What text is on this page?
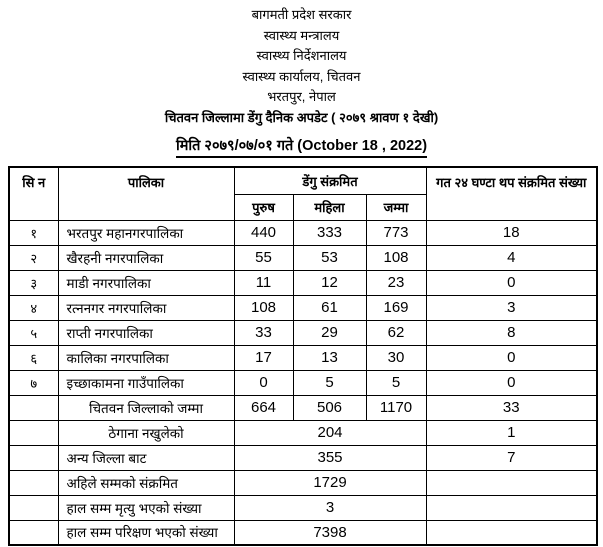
बागमती प्रदेश सरकार
स्वास्थ्य मन्त्रालय
स्वास्थ्य निर्देशनालय
स्वास्थ्य कार्यालय, चितवन
भरतपुर, नेपाल
चितवन जिल्लामा डेंगु दैनिक अपडेट ( २०७९ श्रावण १ देखी)
मिति २०७९/०७/०१ गते (October 18 , 2022)
सि न	पालिका	डेंगु संक्रमित			गत २४ घण्टा थप संक्रमित संख्या
		पुरुष	महिला	जम्मा	
१	भरतपुर महानगरपालिका	440	333	773	18
२	खैरहनी नगरपालिका	55	53	108	4
३	माडी नगरपालिका	11	12	23	0
४	रत्ननगर नगरपालिका	108	61	169	3
५	राप्ती नगरपालिका	33	29	62	8
६	कालिका नगरपालिका	17	13	30	0
७	इच्छाकामना गाउँपालिका	0	5	5	0
	चितवन जिल्लाको जम्मा	664	506	1170	33
	ठेगाना नखुलेको	204			1
	अन्य जिल्ला बाट	355			7
	अहिले सम्मको संक्रमित	1729			
	हाल सम्म मृत्यु भएको संख्या	3			
	हाल सम्म परिक्षण भएको संख्या	7398			
